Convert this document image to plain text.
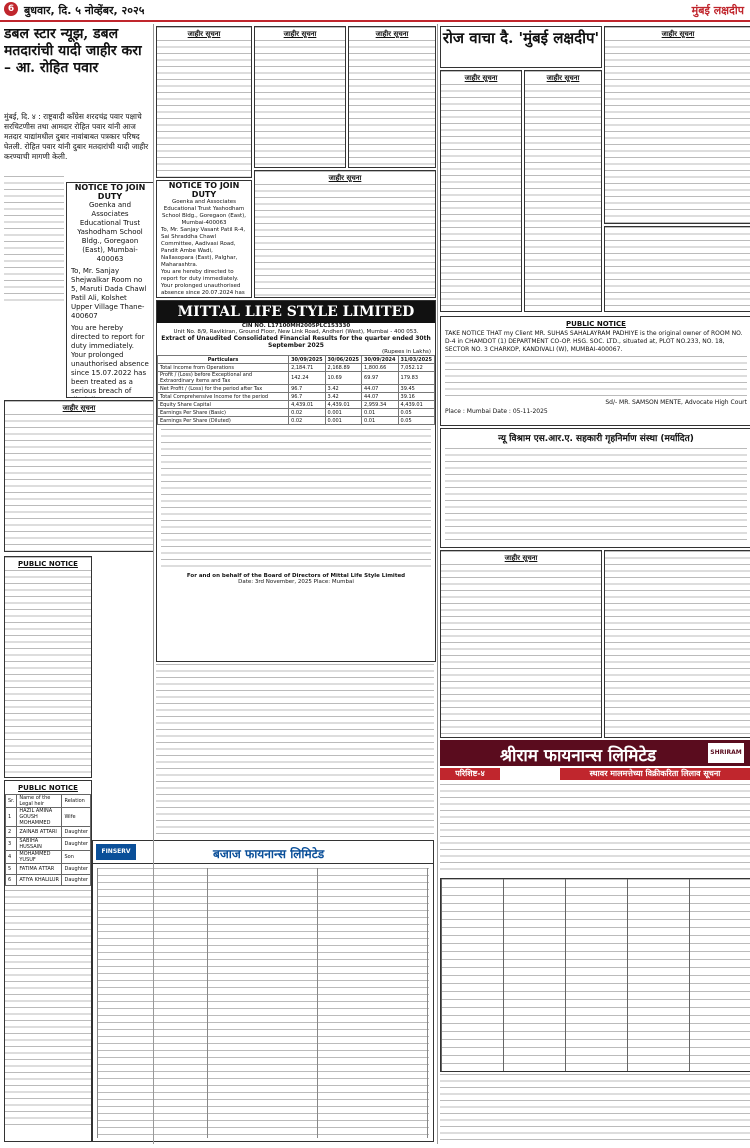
6 बुधवार, दि. ५ नोव्हेंबर, २०२५	मुंबई लक्षदीप
डबल स्टार न्यूझ, डबल मतदारांची यादी जाहीर करा – आ. रोहित पवार
मुंबई, दि. ४ : राष्ट्रवादी काँग्रेस शरदचंद्र पवार पक्षाचे सरचिटणीस तथा आमदार रोहित पवार यांनी आज मतदार याद्यांमधील दुबार नावांबाबत पत्रकार परिषद घेतली. रोहित पवार यांनी दुबार मतदारांची यादी जाहीर करण्याची मागणी केली.
NOTICE TO JOIN DUTY
Goenka and Associates Educational Trust Yashodham School Bldg., Goregaon (East), Mumbai-400063
To, Mr. Sanjay Shejwalkar Room no 5, Maruti Dada Chawl Patil Ali, Kolshet Upper Village Thane-400607
You are hereby directed to report for duty immediately. Your prolonged unauthorised absence since 15.07.2022 has been treated as a serious breach of
जाहीर सूचना
PUBLIC NOTICE
PUBLIC NOTICE
Sr.	Name of the Legal heir	Relation
1	HAZIL AMINA GOUSH MOHAMMED	Wife
2	ZAINAB ATTARI	Daughter
3	SABIHA HUSSAIN	Daughter
4	MOHAMMED YUSUF	Son
5	FATIMA ATTAR	Daughter
6	ATIYA KHALILUR	Daughter
जाहीर सूचना	जाहीर सूचना
जाहीर सूचना
NOTICE TO JOIN DUTY
Goenka and Associates Educational Trust Yashodham School Bldg., Goregaon (East), Mumbai-400063
To, Mr. Sanjay Vasant Patil R-4, Sai Shraddha Chawl Committee, Aadivasi Road, Pandit Ambe Wadi, Nallasopara (East), Palghar, Maharashtra.
You are hereby directed to report for duty immediately. Your prolonged unauthorised absence since 20.07.2024 has
जाहीर सूचना
MITTAL LIFE STYLE LIMITED
CIN NO. L17100MH2005PLC153330
Unit No. 8/9, Ravikiran, Ground Floor, New Link Road, Andheri (West), Mumbai - 400 053.
Extract of Unaudited Consolidated Financial Results for the quarter ended 30th September 2025
(Rupees in Lakhs)
Particulars	30/09/2025	30/06/2025	30/09/2024	31/03/2025
Total Income from Operations	2,184.71	2,168.89	1,800.66	7,052.12
Profit / (Loss) before Exceptional and Extraordinary items and Tax	142.24	10.69	69.97	179.83
Net Profit / (Loss) for the period after Tax	96.7	3.42	44.07	39.45
Total Comprehensive Income for the period	96.7	3.42	44.07	39.16
Equity Share Capital	4,439.01	4,439.01	2,959.34	4,439.01
Earnings Per Share (Basic)	0.02	0.001	0.01	0.05
Earnings Per Share (Diluted)	0.02	0.001	0.01	0.05
For and on behalf of the Board of Directors of Mittal Life Style Limited
Date: 3rd November, 2025 Place: Mumbai
रोज वाचा दै. 'मुंबई लक्षदीप'	जाहीर सूचना
जाहीर सूचना	जाहीर सूचना
PUBLIC NOTICE
TAKE NOTICE THAT my Client MR. SUHAS SAHALAYRAM PADHIYE is the original owner of ROOM NO. D-4 in CHAMDOT (1) DEPARTMENT CO-OP. HSG. SOC. LTD., situated at, PLOT NO.233, NO. 18, SECTOR NO. 3 CHARKOP, KANDIVALI (W), MUMBAI-400067.
Sd/- MR. SAMSON MENTE, Advocate High Court
Place : Mumbai Date : 05-11-2025
न्यू विश्राम एस.आर.ए. सहकारी गृहनिर्माण संस्था (मर्यादित)
जाहीर सूचना
श्रीराम फायनान्स लिमिटेड	SHRIRAM
परिशिष्ट-४	स्थावर मालमत्तेच्या विक्रीकरिता लिलाव सूचना
FINSERV	बजाज फायनान्स लिमिटेड
